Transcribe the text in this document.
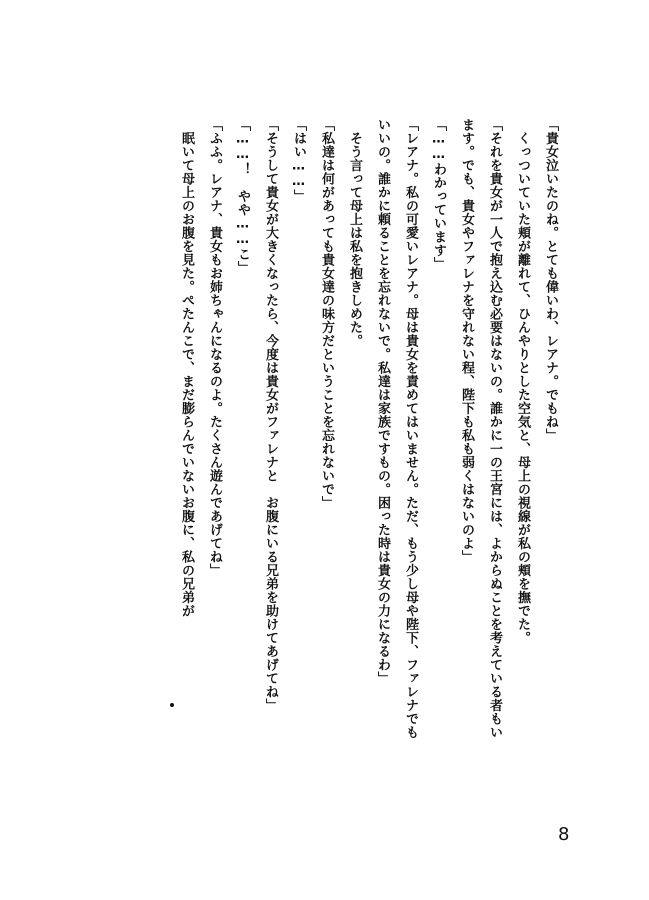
「貴女泣いたのね。とても偉いわ、レアナ。でもね」
　くっついていた頬が離れて、ひんやりとした空気と、母上の視線が私の頬を撫でた。
「それを貴女が一人で抱え込む必要はないの。誰かに一の王宮には、よからぬことを考えている者もい
ます。でも、貴女やファレナを守れない程、陛下も私も弱くはないのよ」
「……わかっています」
「レアナ。私の可愛いレアナ。母は貴女を責めてはいません。ただ、もう少し母や陛下、ファレナでも
いいの。誰かに頼ることを忘れないで。私達は家族ですもの。困った時は貴女の力になるわ」
　そう言って母上は私を抱きしめた。
「私達は何があっても貴女達の味方だということを忘れないで」
「はい……」
「そうして貴女が大きくなったら、今度は貴女がファレナと　お腹にいる兄弟を助けてあげてね」
「……！　やや……こ」
「ふふ。レアナ、貴女もお姉ちゃんになるのよ。たくさん遊んであげてね」
　眠いて母上のお腹を見た。ぺたんこで、まだ膨らんでいないお腹に、私の兄弟が
8
